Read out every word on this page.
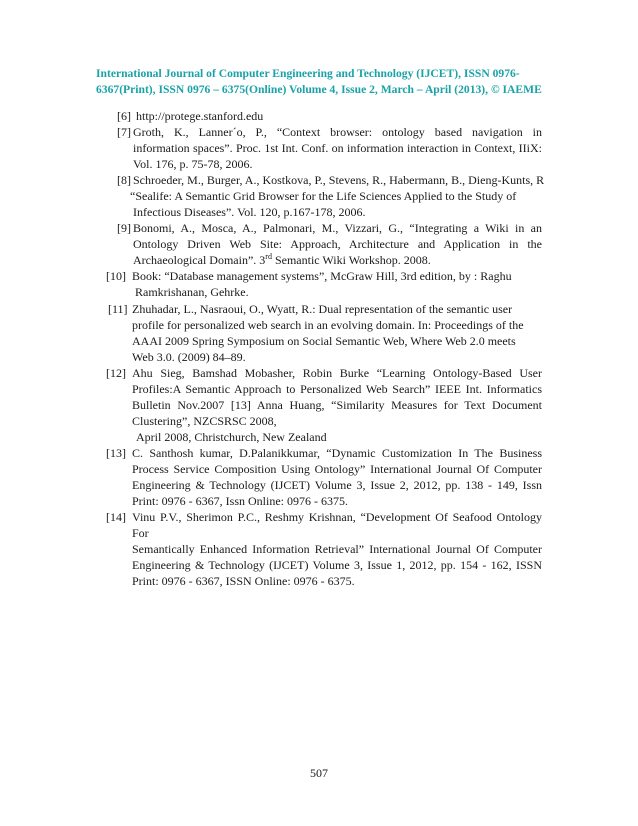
International Journal of Computer Engineering and Technology (IJCET), ISSN 0976-
6367(Print), ISSN 0976 – 6375(Online) Volume 4, Issue 2, March – April (2013), © IAEME
[6] http://protege.stanford.edu
[7] Groth, K., Lanner´o, P., “Context browser: ontology based navigation in
information spaces”. Proc. 1st Int. Conf. on information interaction in Context, IIiX:
Vol. 176, p. 75-78, 2006.
[8] Schroeder, M., Burger, A., Kostkova, P., Stevens, R., Habermann, B., Dieng-Kunts, R
“Sealife: A Semantic Grid Browser for the Life Sciences Applied to the Study of
Infectious Diseases”. Vol. 120, p.167-178, 2006.
[9] Bonomi, A., Mosca, A., Palmonari, M., Vizzari, G., “Integrating a Wiki in an
Ontology Driven Web Site: Approach, Architecture and Application in the
Archaeological Domain”. 3rd Semantic Wiki Workshop. 2008.
[10] Book: “Database management systems”, McGraw Hill, 3rd edition, by : Raghu
Ramkrishanan, Gehrke.
[11] Zhuhadar, L., Nasraoui, O., Wyatt, R.: Dual representation of the semantic user
profile for personalized web search in an evolving domain. In: Proceedings of the
AAAI 2009 Spring Symposium on Social Semantic Web, Where Web 2.0 meets
Web 3.0. (2009) 84–89.
[12] Ahu Sieg, Bamshad Mobasher, Robin Burke “Learning Ontology-Based User
Profiles:A Semantic Approach to Personalized Web Search” IEEE Int. Informatics
Bulletin Nov.2007 [13] Anna Huang, “Similarity Measures for Text Document
Clustering”, NZCSRSC 2008,
April 2008, Christchurch, New Zealand
[13] C. Santhosh kumar, D.Palanikkumar, “Dynamic Customization In The Business
Process Service Composition Using Ontology” International Journal Of Computer
Engineering & Technology (IJCET) Volume 3, Issue 2, 2012, pp. 138 - 149, Issn
Print: 0976 - 6367, Issn Online: 0976 - 6375.
[14] Vinu P.V., Sherimon P.C., Reshmy Krishnan, “Development Of Seafood Ontology For
Semantically Enhanced Information Retrieval” International Journal Of Computer
Engineering & Technology (IJCET) Volume 3, Issue 1, 2012, pp. 154 - 162, ISSN
Print: 0976 - 6367, ISSN Online: 0976 - 6375.
507
